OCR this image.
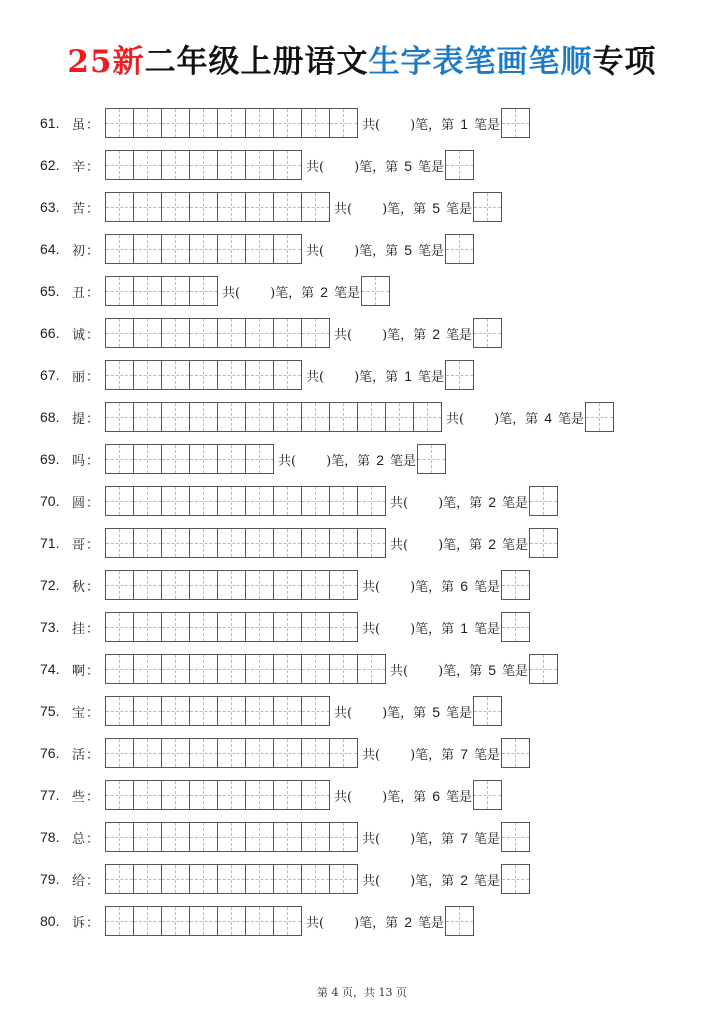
25新二年级上册语文生字表笔画笔顺专项
61. 虽 ：	共( )笔，第 1 笔是
62. 辛 ：	共( )笔，第 5 笔是
63. 苦 ：	共( )笔，第 5 笔是
64. 初 ：	共( )笔，第 5 笔是
65. 丑 ：	共( )笔，第 2 笔是
66. 诚 ：	共( )笔，第 2 笔是
67. 丽 ：	共( )笔，第 1 笔是
68. 提 ：	共( )笔，第 4 笔是
69. 吗 ：	共( )笔，第 2 笔是
70. 圆 ：	共( )笔，第 2 笔是
71. 哥 ：	共( )笔，第 2 笔是
72. 秋 ：	共( )笔，第 6 笔是
73. 挂 ：	共( )笔，第 1 笔是
74. 啊 ：	共( )笔，第 5 笔是
75. 宝 ：	共( )笔，第 5 笔是
76. 活 ：	共( )笔，第 7 笔是
77. 些 ：	共( )笔，第 6 笔是
78. 总 ：	共( )笔，第 7 笔是
79. 给 ：	共( )笔，第 2 笔是
80. 诉 ：	共( )笔，第 2 笔是
第 4 页，共 13 页
